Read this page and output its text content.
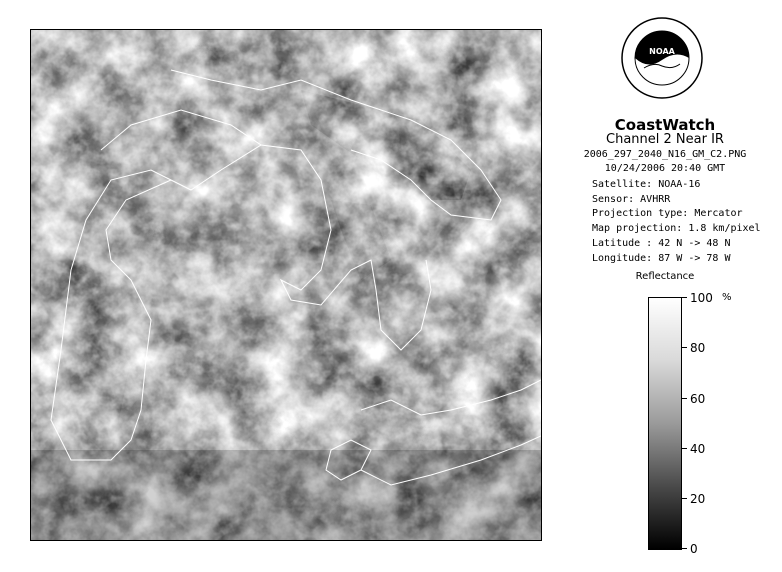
NOAA
CoastWatch
Channel 2 Near IR
2006_297_2040_N16_GM_C2.PNG
10/24/2006 20:40 GMT
Satellite: NOAA-16
Sensor: AVHRR
Projection type: Mercator
Map projection: 1.8 km/pixel
Latitude : 42 N -> 48 N
Longitude: 87 W -> 78 W
Reflectance
%
100
80
60
40
20
0
